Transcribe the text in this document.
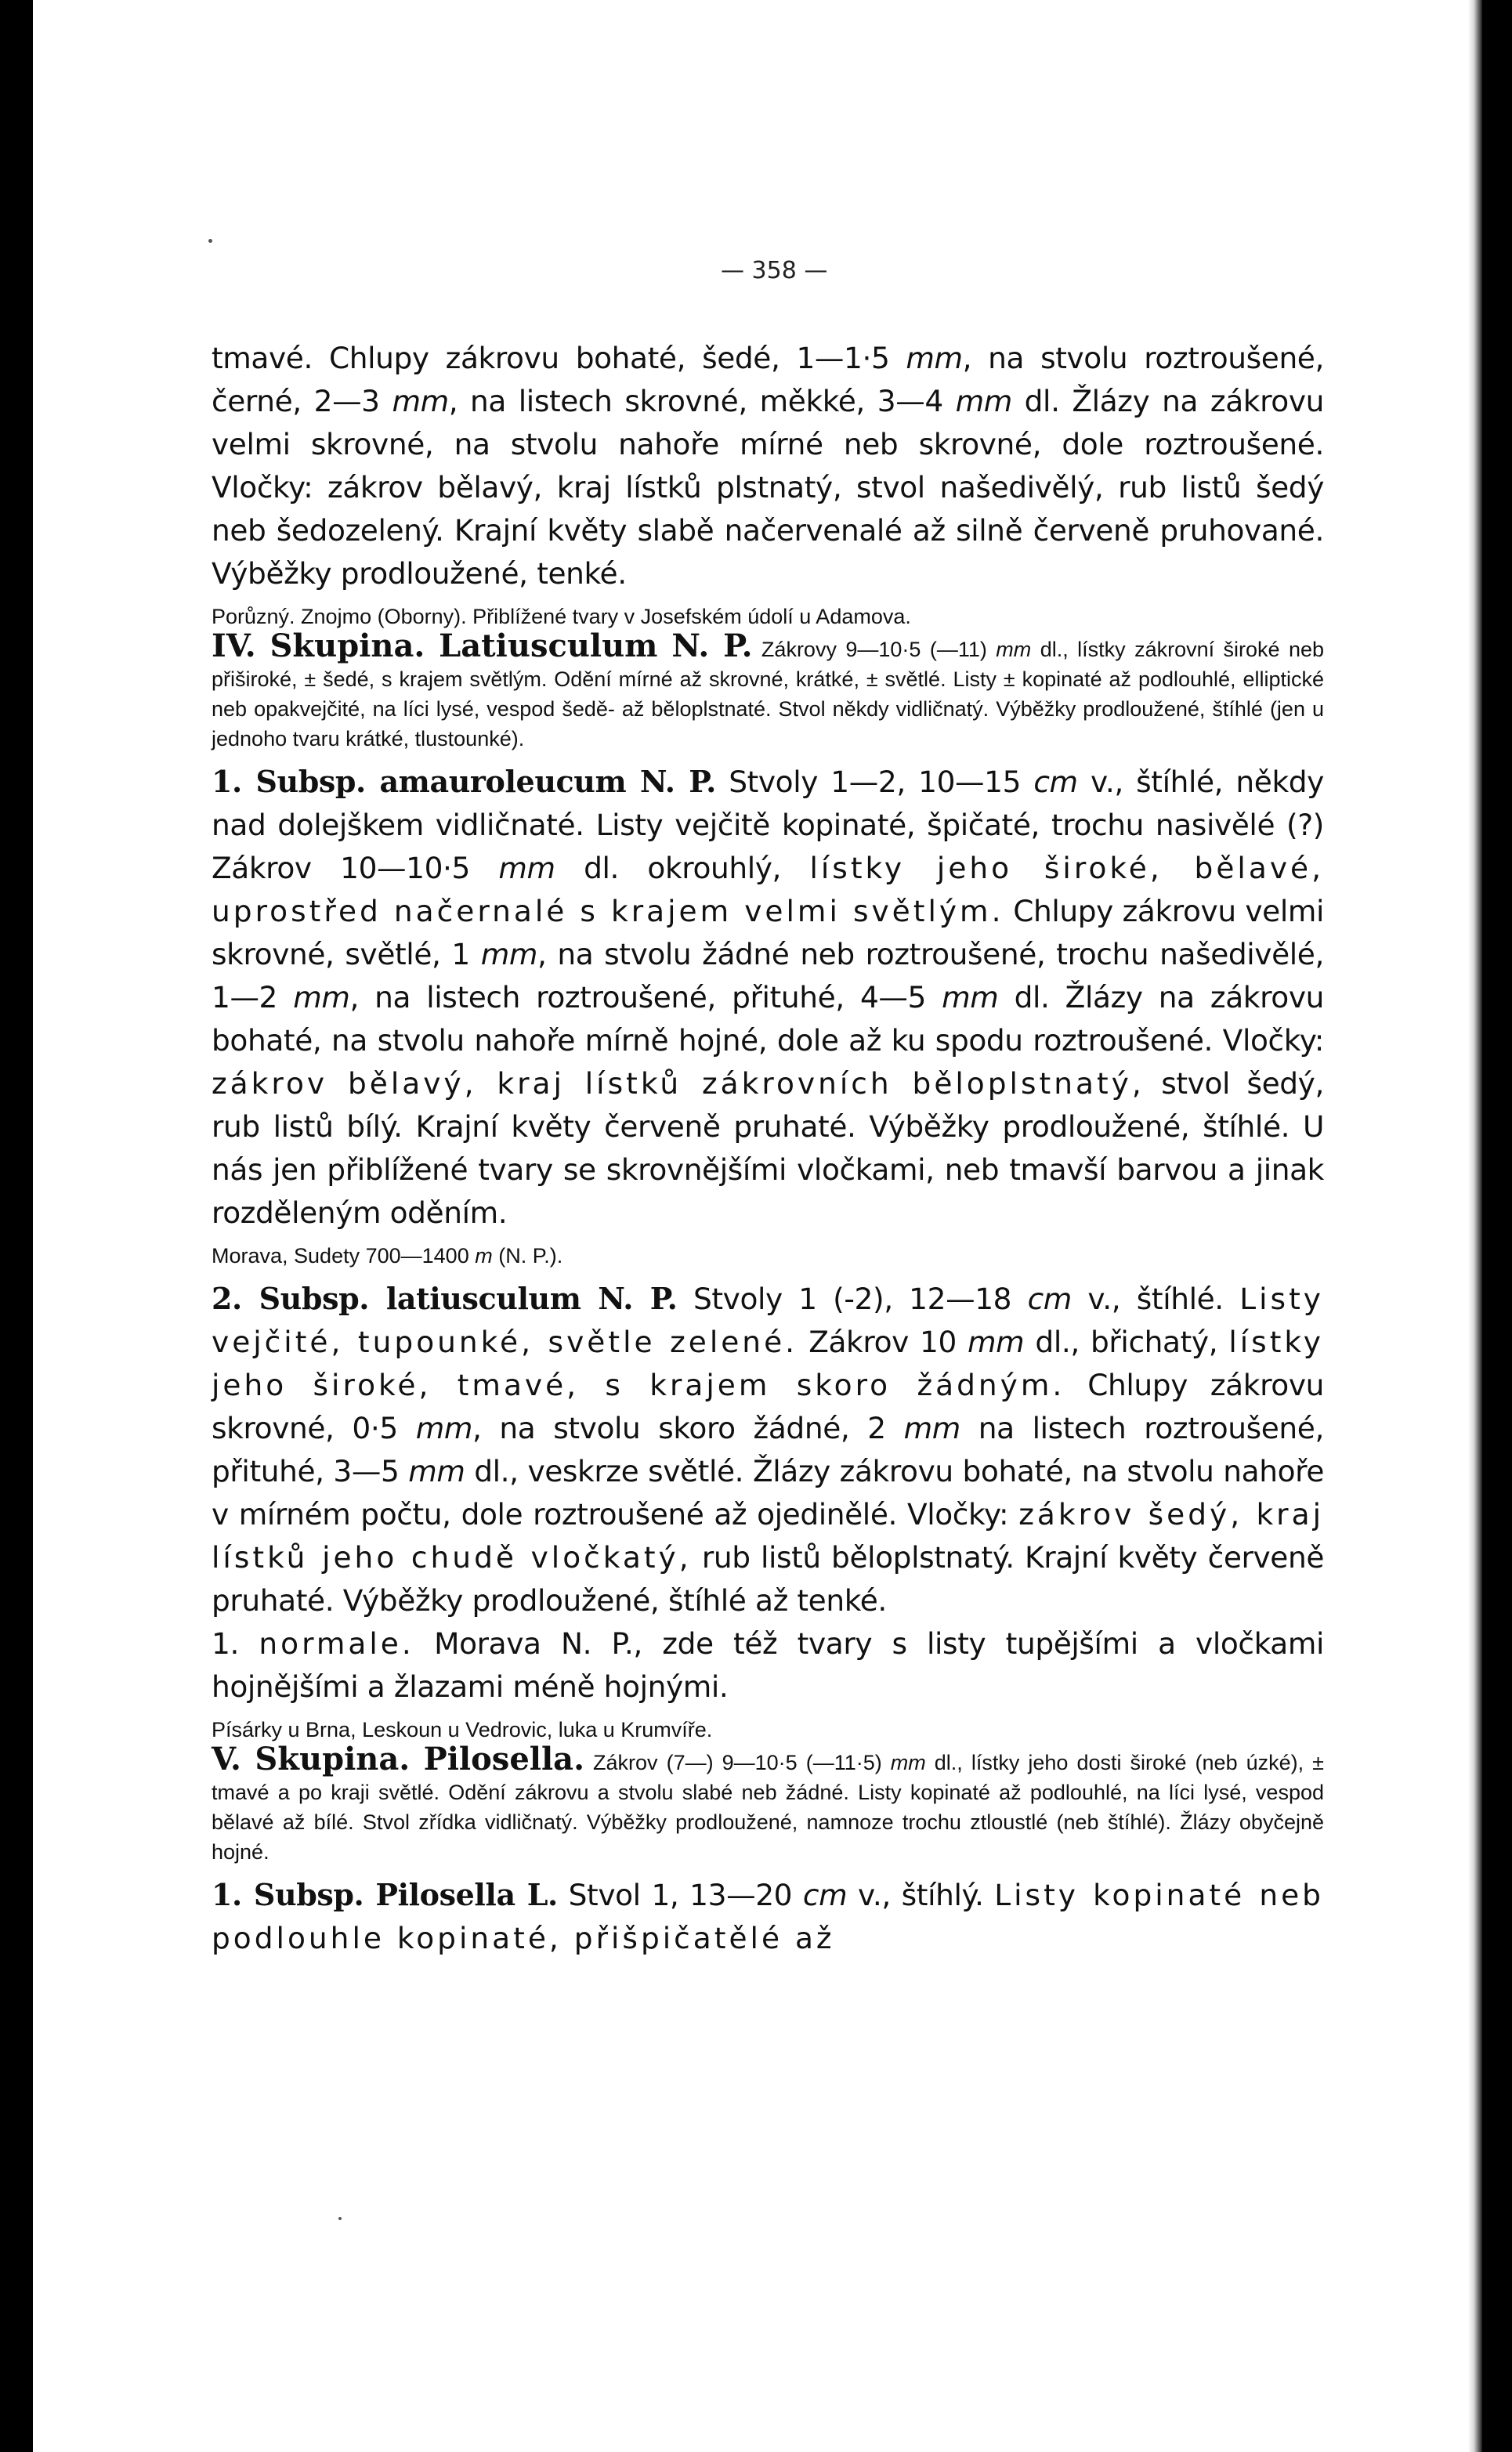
— 358 —

tmavé. Chlupy zákrovu bohaté, šedé, 1—1·5 mm, na stvolu roztroušené, černé, 2—3 mm, na listech skrovné, měkké, 3—4 mm dl. Žlázy na zákrovu velmi skrovné, na stvolu nahoře mírné neb skrovné, dole roztroušené. Vločky: zákrov bělavý, kraj lístků plstnatý, stvol našedivělý, rub listů šedý neb šedozelený. Krajní květy slabě načervenalé až silně červeně pruhované. Výběžky prodloužené, tenké.

Porůzný. Znojmo (Oborny). Přiblížené tvary v Josefském údolí u Adamova.

IV. Skupina. Latiusculum N. P. Zákrovy 9—10·5 (—11) mm dl., lístky zákrovní široké neb přiširoké, ± šedé, s krajem světlým. Odění mírné až skrovné, krátké, ± světlé. Listy ± kopinaté až podlouhlé, elliptické neb opakvejčité, na líci lysé, vespod šedě- až běloplstnaté. Stvol někdy vidličnatý. Výběžky prodloužené, štíhlé (jen u jednoho tvaru krátké, tlustounké).

1. Subsp. amauroleucum N. P. Stvoly 1—2, 10—15 cm v., štíhlé, někdy nad dolejškem vidličnaté. Listy vejčitě kopinaté, špičaté, trochu nasivělé (?) Zákrov 10—10·5 mm dl. okrouhlý, lístky jeho široké, bělavé, uprostřed načernalé s krajem velmi světlým. Chlupy zákrovu velmi skrovné, světlé, 1 mm, na stvolu žádné neb roztroušené, trochu našedivělé, 1—2 mm, na listech roztroušené, přituhé, 4—5 mm dl. Žlázy na zákrovu bohaté, na stvolu nahoře mírně hojné, dole až ku spodu roztroušené. Vločky: zákrov bělavý, kraj lístků zákrovních běloplstnatý, stvol šedý, rub listů bílý. Krajní květy červeně pruhaté. Výběžky prodloužené, štíhlé. U nás jen přiblížené tvary se skrovnějšími vločkami, neb tmavší barvou a jinak rozděleným oděním.

Morava, Sudety 700—1400 m (N. P.).

2. Subsp. latiusculum N. P. Stvoly 1 (-2), 12—18 cm v., štíhlé. Listy vejčité, tupounké, světle zelené. Zákrov 10 mm dl., břichatý, lístky jeho široké, tmavé, s krajem skoro žádným. Chlupy zákrovu skrovné, 0·5 mm, na stvolu skoro žádné, 2 mm na listech roztroušené, přituhé, 3—5 mm dl., veskrze světlé. Žlázy zákrovu bohaté, na stvolu nahoře v mírném počtu, dole roztroušené až ojedinělé. Vločky: zákrov šedý, kraj lístků jeho chudě vločkatý, rub listů běloplstnatý. Krajní květy červeně pruhaté. Výběžky prodloužené, štíhlé až tenké.

1. normale. Morava N. P., zde též tvary s listy tupějšími a vločkami hojnějšími a žlazami méně hojnými.

Písárky u Brna, Leskoun u Vedrovic, luka u Krumvíře.

V. Skupina. Pilosella. Zákrov (7—) 9—10·5 (—11·5) mm dl., lístky jeho dosti široké (neb úzké), ± tmavé a po kraji světlé. Odění zákrovu a stvolu slabé neb žádné. Listy kopinaté až podlouhlé, na líci lysé, vespod bělavé až bílé. Stvol zřídka vidličnatý. Výběžky prodloužené, namnoze trochu ztloustlé (neb štíhlé). Žlázy obyčejně hojné.

1. Subsp. Pilosella L. Stvol 1, 13—20 cm v., štíhlý. Listy kopinaté neb podlouhle kopinaté, přišpičatělé až
